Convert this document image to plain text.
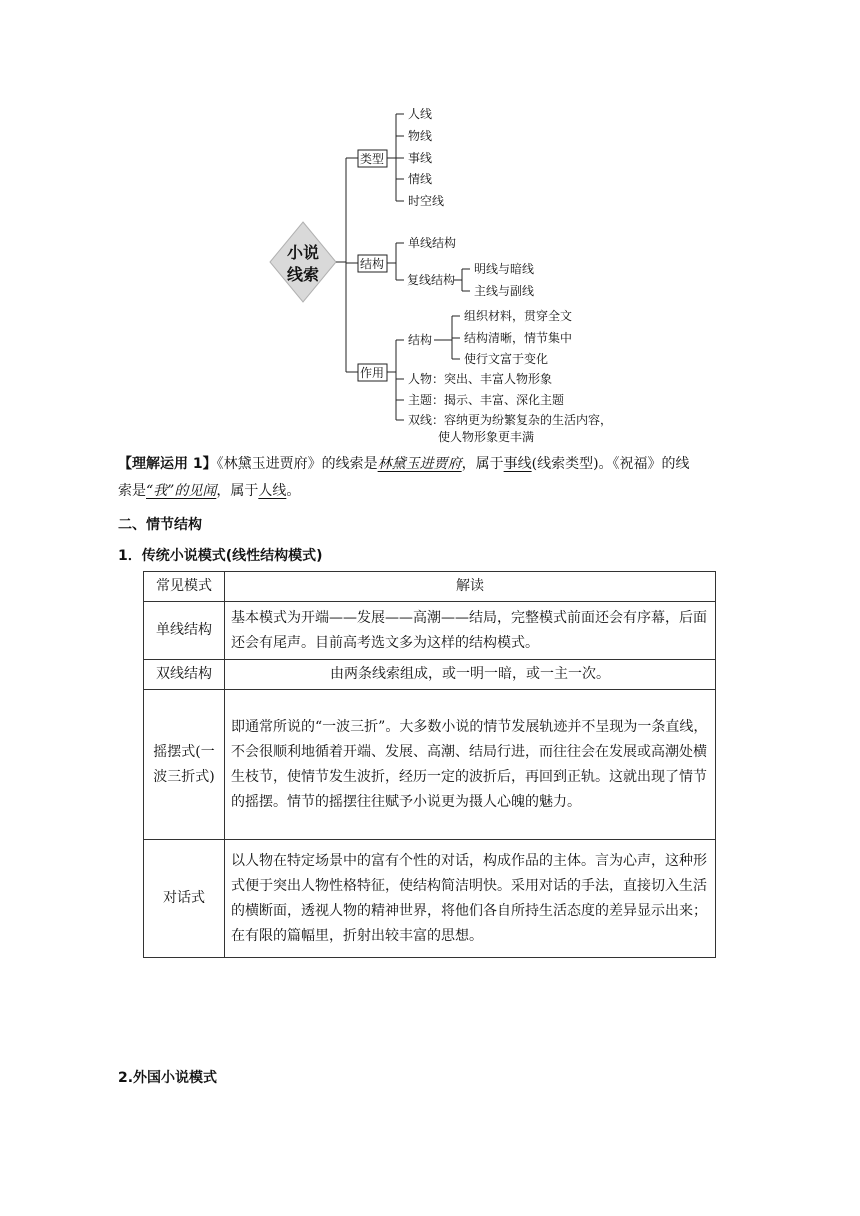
小说
线索
类型
结构
作用
人线
物线
事线
情线
时空线
单线结构
复线结构
明线与暗线
主线与副线
结构
组织材料，贯穿全文
结构清晰，情节集中
使行文富于变化
人物：突出、丰富人物形象
主题：揭示、丰富、深化主题
双线：容纳更为纷繁复杂的生活内容，
使人物形象更丰满
【理解运用 1】《林黛玉进贾府》的线索是林黛玉进贾府，属于事线(线索类型)。《祝福》的线
索是“我”的见闻，属于人线。
二、情节结构
1．传统小说模式(线性结构模式)
常见模式	解读
单线结构	基本模式为开端——发展——高潮——结局，完整模式前面还会有序幕，后面还会有尾声。目前高考选文多为这样的结构模式。
双线结构	由两条线索组成，或一明一暗，或一主一次。
摇摆式(一波三折式)	即通常所说的“一波三折”。大多数小说的情节发展轨迹并不呈现为一条直线，不会很顺利地循着开端、发展、高潮、结局行进，而往往会在发展或高潮处横生枝节，使情节发生波折，经历一定的波折后，再回到正轨。这就出现了情节的摇摆。情节的摇摆往往赋予小说更为摄人心魄的魅力。
对话式	以人物在特定场景中的富有个性的对话，构成作品的主体。言为心声，这种形式便于突出人物性格特征，使结构简洁明快。采用对话的手法，直接切入生活的横断面，透视人物的精神世界，将他们各自所持生活态度的差异显示出来；在有限的篇幅里，折射出较丰富的思想。
2.外国小说模式
